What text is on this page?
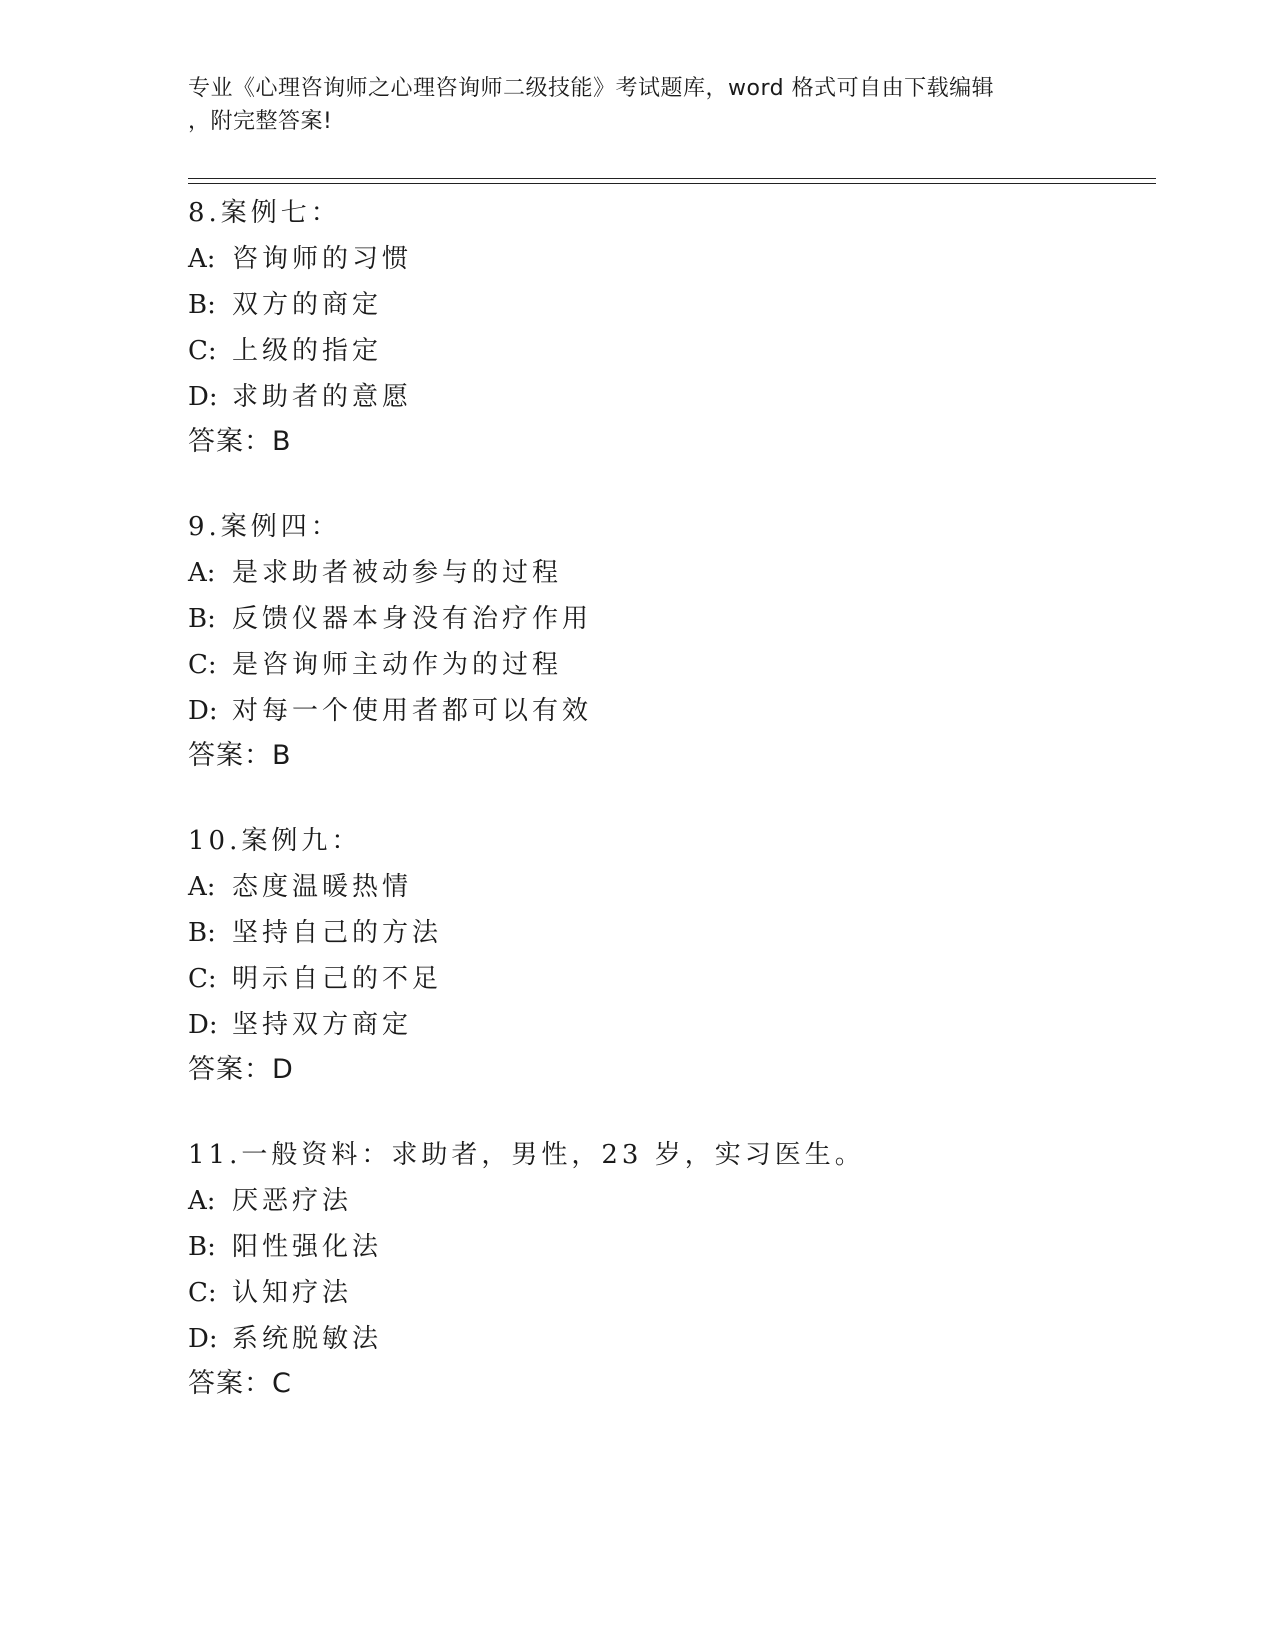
专业《心理咨询师之心理咨询师二级技能》考试题库，word 格式可自由下载编辑
，附完整答案!
8.案例七：
A: 咨询师的习惯
B: 双方的商定
C: 上级的指定
D: 求助者的意愿
答案：B
9.案例四：
A: 是求助者被动参与的过程
B: 反馈仪器本身没有治疗作用
C: 是咨询师主动作为的过程
D: 对每一个使用者都可以有效
答案：B
10.案例九：
A: 态度温暖热情
B: 坚持自己的方法
C: 明示自己的不足
D: 坚持双方商定
答案：D
11.一般资料：求助者，男性，23 岁，实习医生。
A: 厌恶疗法
B: 阳性强化法
C: 认知疗法
D: 系统脱敏法
答案：C
